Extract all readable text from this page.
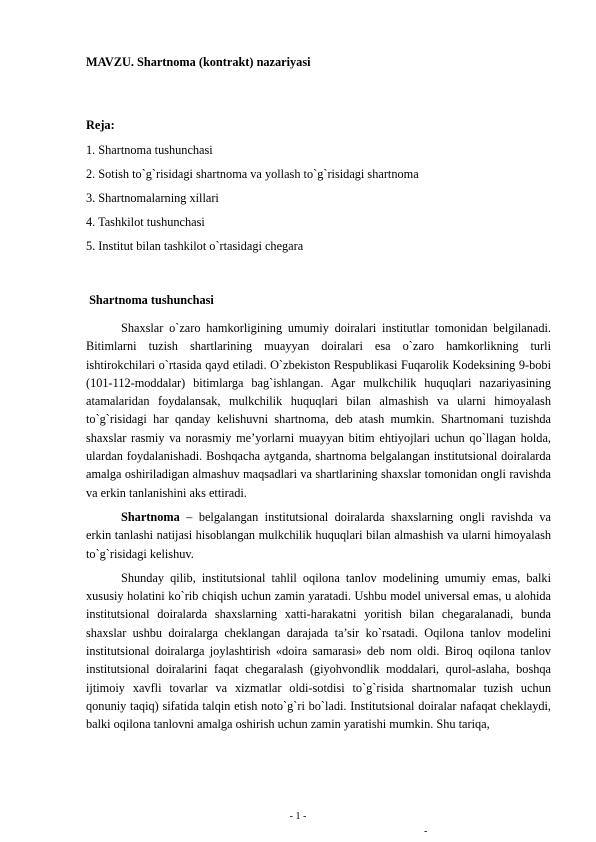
MAVZU. Shartnoma (kontrakt) nazariyasi
Reja:
1. Shartnoma tushunchasi
2. Sotish to`g`risidagi shartnoma va yollash to`g`risidagi shartnoma
3. Shartnomalarning xillari
4. Tashkilot tushunchasi
5. Institut bilan tashkilot o`rtasidagi chegara
Shartnoma tushunchasi

Shaxslar o`zaro hamkorligining umumiy doiralari institutlar tomonidan belgilanadi. Bitimlarni tuzish shartlarining muayyan doiralari esa o`zaro hamkorlikning turli ishtirokchilari o`rtasida qayd etiladi. O`zbekiston Respublikasi Fuqarolik Kodeksining 9-bobi (101-112-moddalar) bitimlarga bag`ishlangan. Agar mulkchilik huquqlari nazariyasining atamalaridan foydalansak, mulkchilik huquqlari bilan almashish va ularni himoyalash to`g`risidagi har qanday kelishuvni shartnoma, deb atash mumkin. Shartnomani tuzishda shaxslar rasmiy va norasmiy me’yorlarni muayyan bitim ehtiyojlari uchun qo`llagan holda, ulardan foydalanishadi. Boshqacha aytganda, shartnoma belgalangan institutsional doiralarda amalga oshiriladigan almashuv maqsadlari va shartlarining shaxslar tomonidan ongli ravishda va erkin tanlanishini aks ettiradi.

Shartnoma – belgalangan institutsional doiralarda shaxslarning ongli ravishda va erkin tanlashi natijasi hisoblangan mulkchilik huquqlari bilan almashish va ularni himoyalash to`g`risidagi kelishuv.

Shunday qilib, institutsional tahlil oqilona tanlov modelining umumiy emas, balki xususiy holatini ko`rib chiqish uchun zamin yaratadi. Ushbu model universal emas, u alohida institutsional doiralarda shaxslarning xatti-harakatni yoritish bilan chegaralanadi, bunda shaxslar ushbu doiralarga cheklangan darajada ta’sir ko`rsatadi. Oqilona tanlov modelini institutsional doiralarga joylashtirish «doira samarasi» deb nom oldi. Biroq oqilona tanlov institutsional doiralarini faqat chegaralash (giyohvondlik moddalari, qurol-aslaha, boshqa ijtimoiy xavfli tovarlar va xizmatlar oldi-sotdisi to`g`risida shartnomalar tuzish uchun qonuniy taqiq) sifatida talqin etish noto`g`ri bo`ladi. Institutsional doiralar nafaqat cheklaydi, balki oqilona tanlovni amalga oshirish uchun zamin yaratishi mumkin. Shu tariqa,

- 1 -
-
